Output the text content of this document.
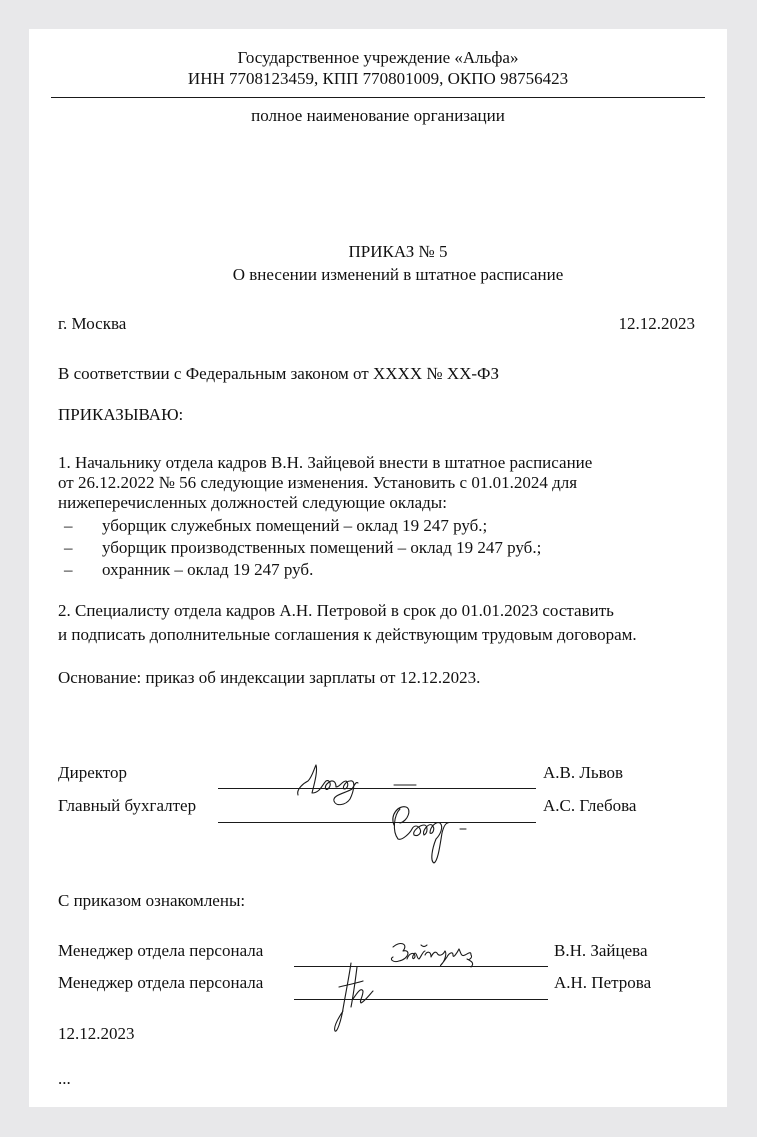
Государственное учреждение «Альфа»
ИНН 7708123459, КПП 770801009, ОКПО 98756423
полное наименование организации
ПРИКАЗ № 5
О внесении изменений в штатное расписание
г. Москва	12.12.2023
В соответствии с Федеральным законом от ХХХХ № ХХ-ФЗ
ПРИКАЗЫВАЮ:
1. Начальнику отдела кадров В.Н. Зайцевой внести в штатное расписание
от 26.12.2022 № 56 следующие изменения. Установить с 01.01.2024 для
нижеперечисленных должностей следующие оклады:
– уборщик служебных помещений – оклад 19 247 руб.;
– уборщик производственных помещений – оклад 19 247 руб.;
– охранник – оклад 19 247 руб.
2. Специалисту отдела кадров А.Н. Петровой в срок до 01.01.2023 составить
и подписать дополнительные соглашения к действующим трудовым договорам.
Основание: приказ об индексации зарплаты от 12.12.2023.
Директор	А.В. Львов
Главный бухгалтер	А.С. Глебова
С приказом ознакомлены:
Менеджер отдела персонала	В.Н. Зайцева
Менеджер отдела персонала	А.Н. Петрова
12.12.2023
...
